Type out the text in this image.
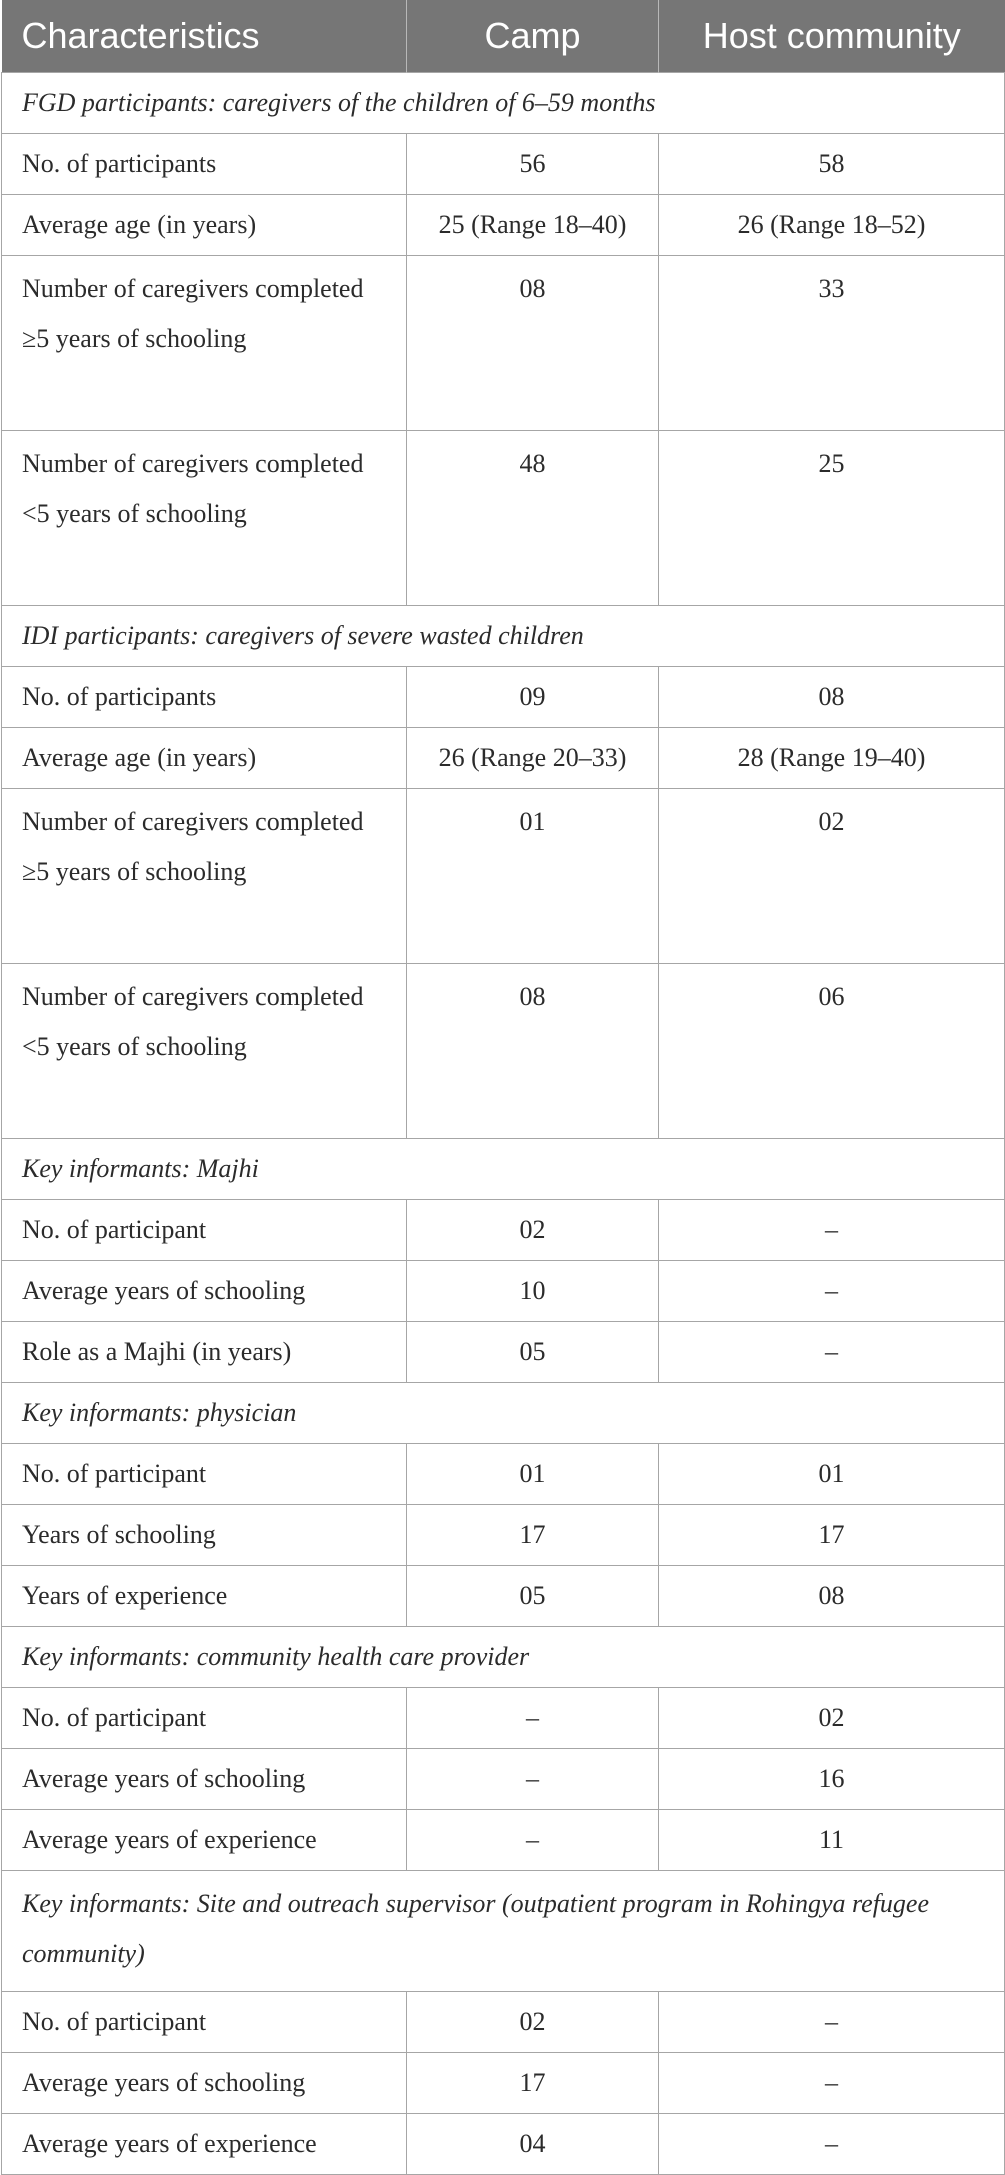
Characteristics	Camp	Host community
FGD participants: caregivers of the children of 6–59 months		
No. of participants	56	58
Average age (in years)	25 (Range 18–40)	26 (Range 18–52)
Number of caregivers completed ≥5 years of schooling	08	33
Number of caregivers completed <5 years of schooling	48	25
IDI participants: caregivers of severe wasted children		
No. of participants	09	08
Average age (in years)	26 (Range 20–33)	28 (Range 19–40)
Number of caregivers completed ≥5 years of schooling	01	02
Number of caregivers completed <5 years of schooling	08	06
Key informants: Majhi		
No. of participant	02	–
Average years of schooling	10	–
Role as a Majhi (in years)	05	–
Key informants: physician		
No. of participant	01	01
Years of schooling	17	17
Years of experience	05	08
Key informants: community health care provider		
No. of participant	–	02
Average years of schooling	–	16
Average years of experience	–	11
Key informants: Site and outreach supervisor (outpatient program in Rohingya refugee community)		
No. of participant	02	–
Average years of schooling	17	–
Average years of experience	04	–
